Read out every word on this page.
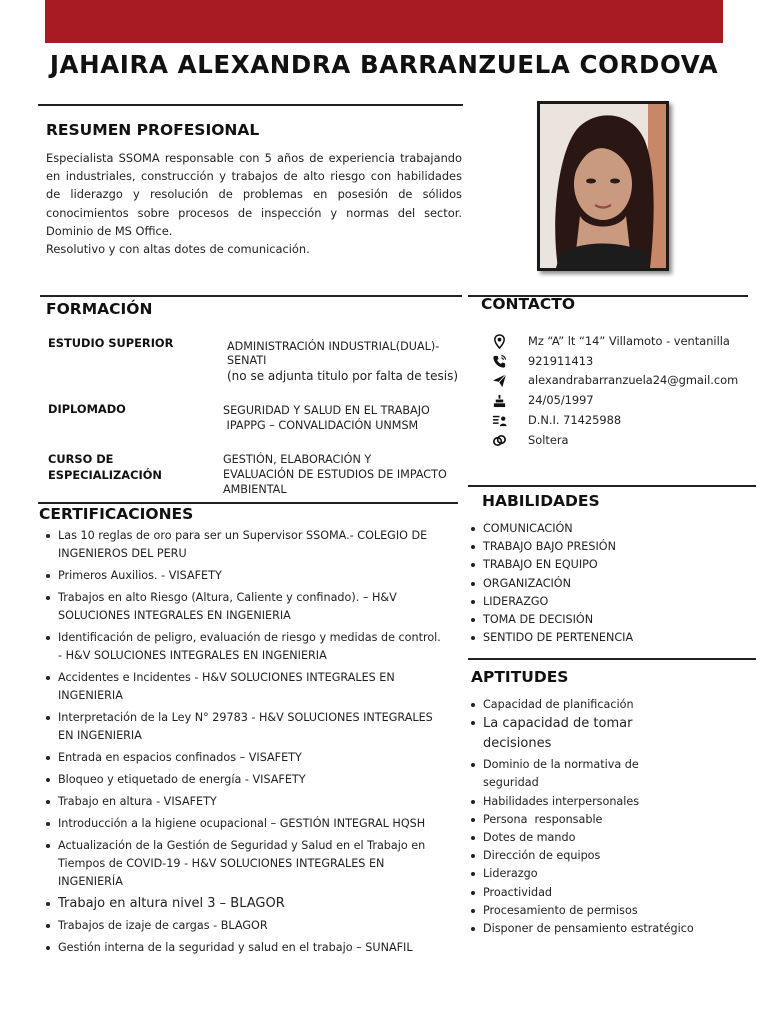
JAHAIRA ALEXANDRA BARRANZUELA CORDOVA
RESUMEN PROFESIONAL

Especialista SSOMA responsable con 5 años de experiencia trabajando en industriales, construcción y trabajos de alto riesgo con habilidades de liderazgo y resolución de problemas en posesión de sólidos conocimientos sobre procesos de inspección y normas del sector. Dominio de MS Office.

Resolutivo y con altas dotes de comunicación.
FORMACIÓN
ESTUDIO SUPERIOR	ADMINISTRACIÓN INDUSTRIAL(DUAL)-
SENATI
(no se adjunta titulo por falta de tesis)
DIPLOMADO	SEGURIDAD Y SALUD EN EL TRABAJO
IPAPPG – CONVALIDACIÓN UNMSM
CURSO DE
ESPECIALIZACIÓN
GESTIÓN, ELABORACIÓN Y
EVALUACIÓN DE ESTUDIOS DE IMPACTO
AMBIENTAL
CERTIFICACIONES
Las 10 reglas de oro para ser un Supervisor SSOMA.- COLEGIO DE INGENIEROS DEL PERU
Primeros Auxilios. - VISAFETY
Trabajos en alto Riesgo (Altura, Caliente y confinado). – H&V SOLUCIONES INTEGRALES EN INGENIERIA
Identificación de peligro, evaluación de riesgo y medidas de control. - H&V SOLUCIONES INTEGRALES EN INGENIERIA
Accidentes e Incidentes - H&V SOLUCIONES INTEGRALES EN INGENIERIA
Interpretación de la Ley N° 29783 - H&V SOLUCIONES INTEGRALES EN INGENIERIA
Entrada en espacios confinados – VISAFETY
Bloqueo y etiquetado de energía - VISAFETY
Trabajo en altura - VISAFETY
Introducción a la higiene ocupacional – GESTIÓN INTEGRAL HQSH
Actualización de la Gestión de Seguridad y Salud en el Trabajo en Tiempos de COVID-19 - H&V SOLUCIONES INTEGRALES EN INGENIERÍA
Trabajo en altura nivel 3 – BLAGOR
Trabajos de izaje de cargas - BLAGOR
Gestión interna de la seguridad y salud en el trabajo – SUNAFIL
CONTACTO
Mz “A” lt “14” Villamoto - ventanilla
921911413
alexandrabarranzuela24@gmail.com
24/05/1997
D.N.I. 71425988
Soltera
HABILIDADES
COMUNICACIÓN
TRABAJO BAJO PRESIÓN
TRABAJO EN EQUIPO
ORGANIZACIÓN
LIDERAZGO
TOMA DE DECISIÓN
SENTIDO DE PERTENENCIA
APTITUDES
Capacidad de planificación
La capacidad de tomar decisiones
Dominio de la normativa de seguridad
Habilidades interpersonales
Persona  responsable
Dotes de mando
Dirección de equipos
Liderazgo
Proactividad
Procesamiento de permisos
Disponer de pensamiento estratégico
